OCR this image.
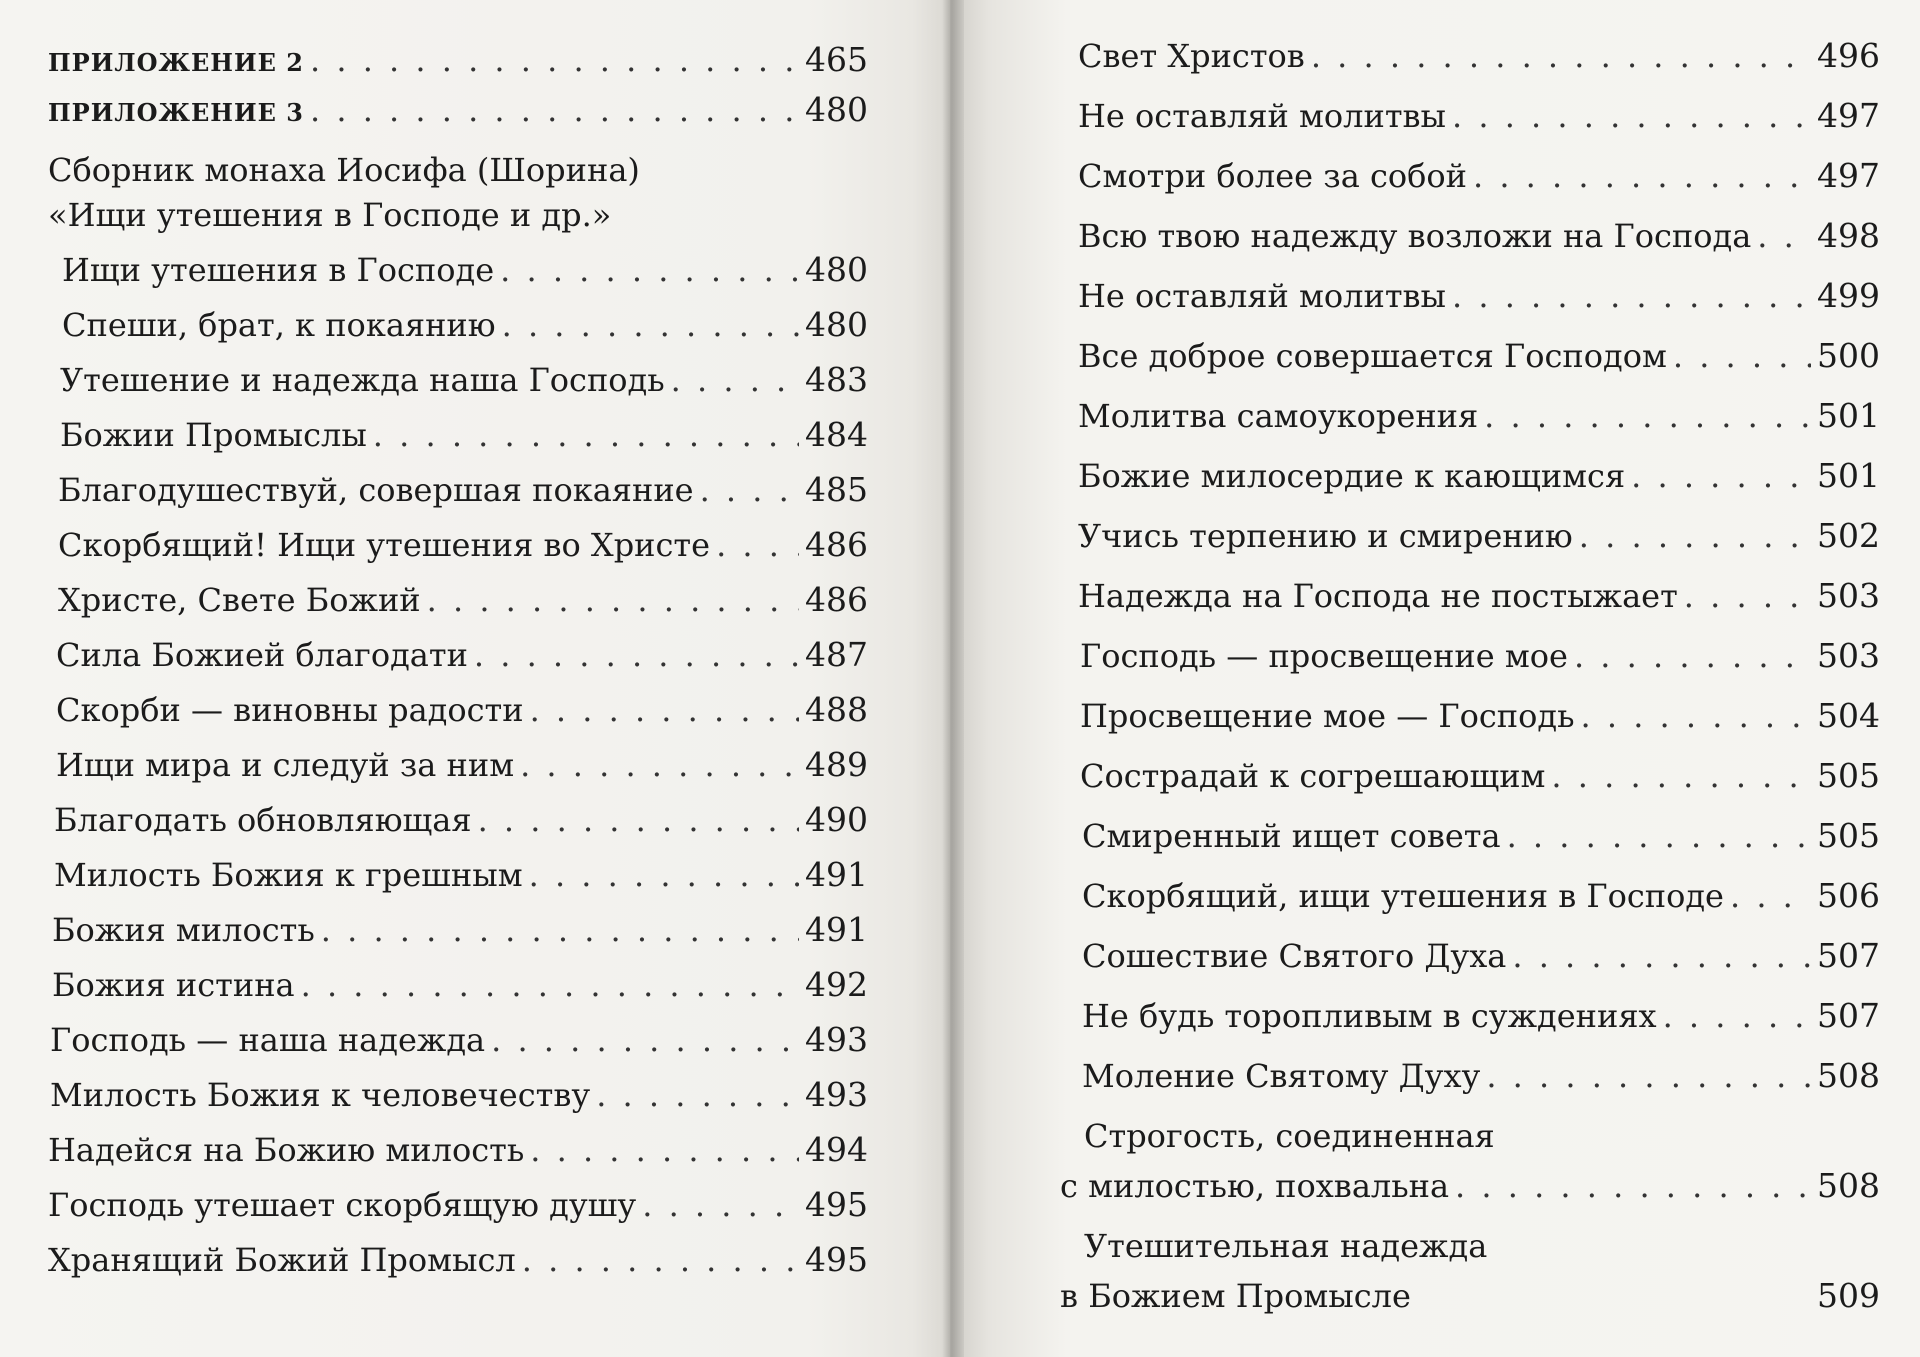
ПРИЛОЖЕНИЕ 2 . . .	465
ПРИЛОЖЕНИЕ 3 . . .	480
Сборник монаха Иосифа (Шорина)
«Ищи утешения в Господе и др.»
Ищи утешения в Господе . . .	480
Спеши, брат, к покаянию . . .	480
Утешение и надежда наша Господь . . .	483
Божии Промыслы . . .	484
Благодушествуй, совершая покаяние . . .	485
Скорбящий! Ищи утешения во Христе . . .	486
Христе, Свете Божий . . .	486
Сила Божией благодати . . .	487
Скорби — виновны радости . . .	488
Ищи мира и следуй за ним . . .	489
Благодать обновляющая . . .	490
Милость Божия к грешным . . .	491
Божия милость . . .	491
Божия истина . . .	492
Господь — наша надежда . . .	493
Милость Божия к человечеству . . .	493
Надейся на Божию милость . . .	494
Господь утешает скорбящую душу . . .	495
Хранящий Божий Промысл . . .	495
Свет Христов . . .	496
Не оставляй молитвы . . .	497
Смотри более за собой . . .	497
Всю твою надежду возложи на Господа . . . 498
Не оставляй молитвы . . .	499
Все доброе совершается Господом . . .	500
Молитва самоукорения . . .	501
Божие милосердие к кающимся . . .	501
Учись терпению и смирению . . .	502
Надежда на Господа не постыжает . . .	503
Господь — просвещение мое . . .	503
Просвещение мое — Господь . . .	504
Сострадай к согрешающим . . .	505
Смиренный ищет совета . . .	505
Скорбящий, ищи утешения в Господе . . .	506
Сошествие Святого Духа . . .	507
Не будь торопливым в суждениях . . .	507
Моление Святому Духу . . .	508
Строгость, соединенная
с милостью, похвальна . . .	508
Утешительная надежда
в Божием Промысле	509
